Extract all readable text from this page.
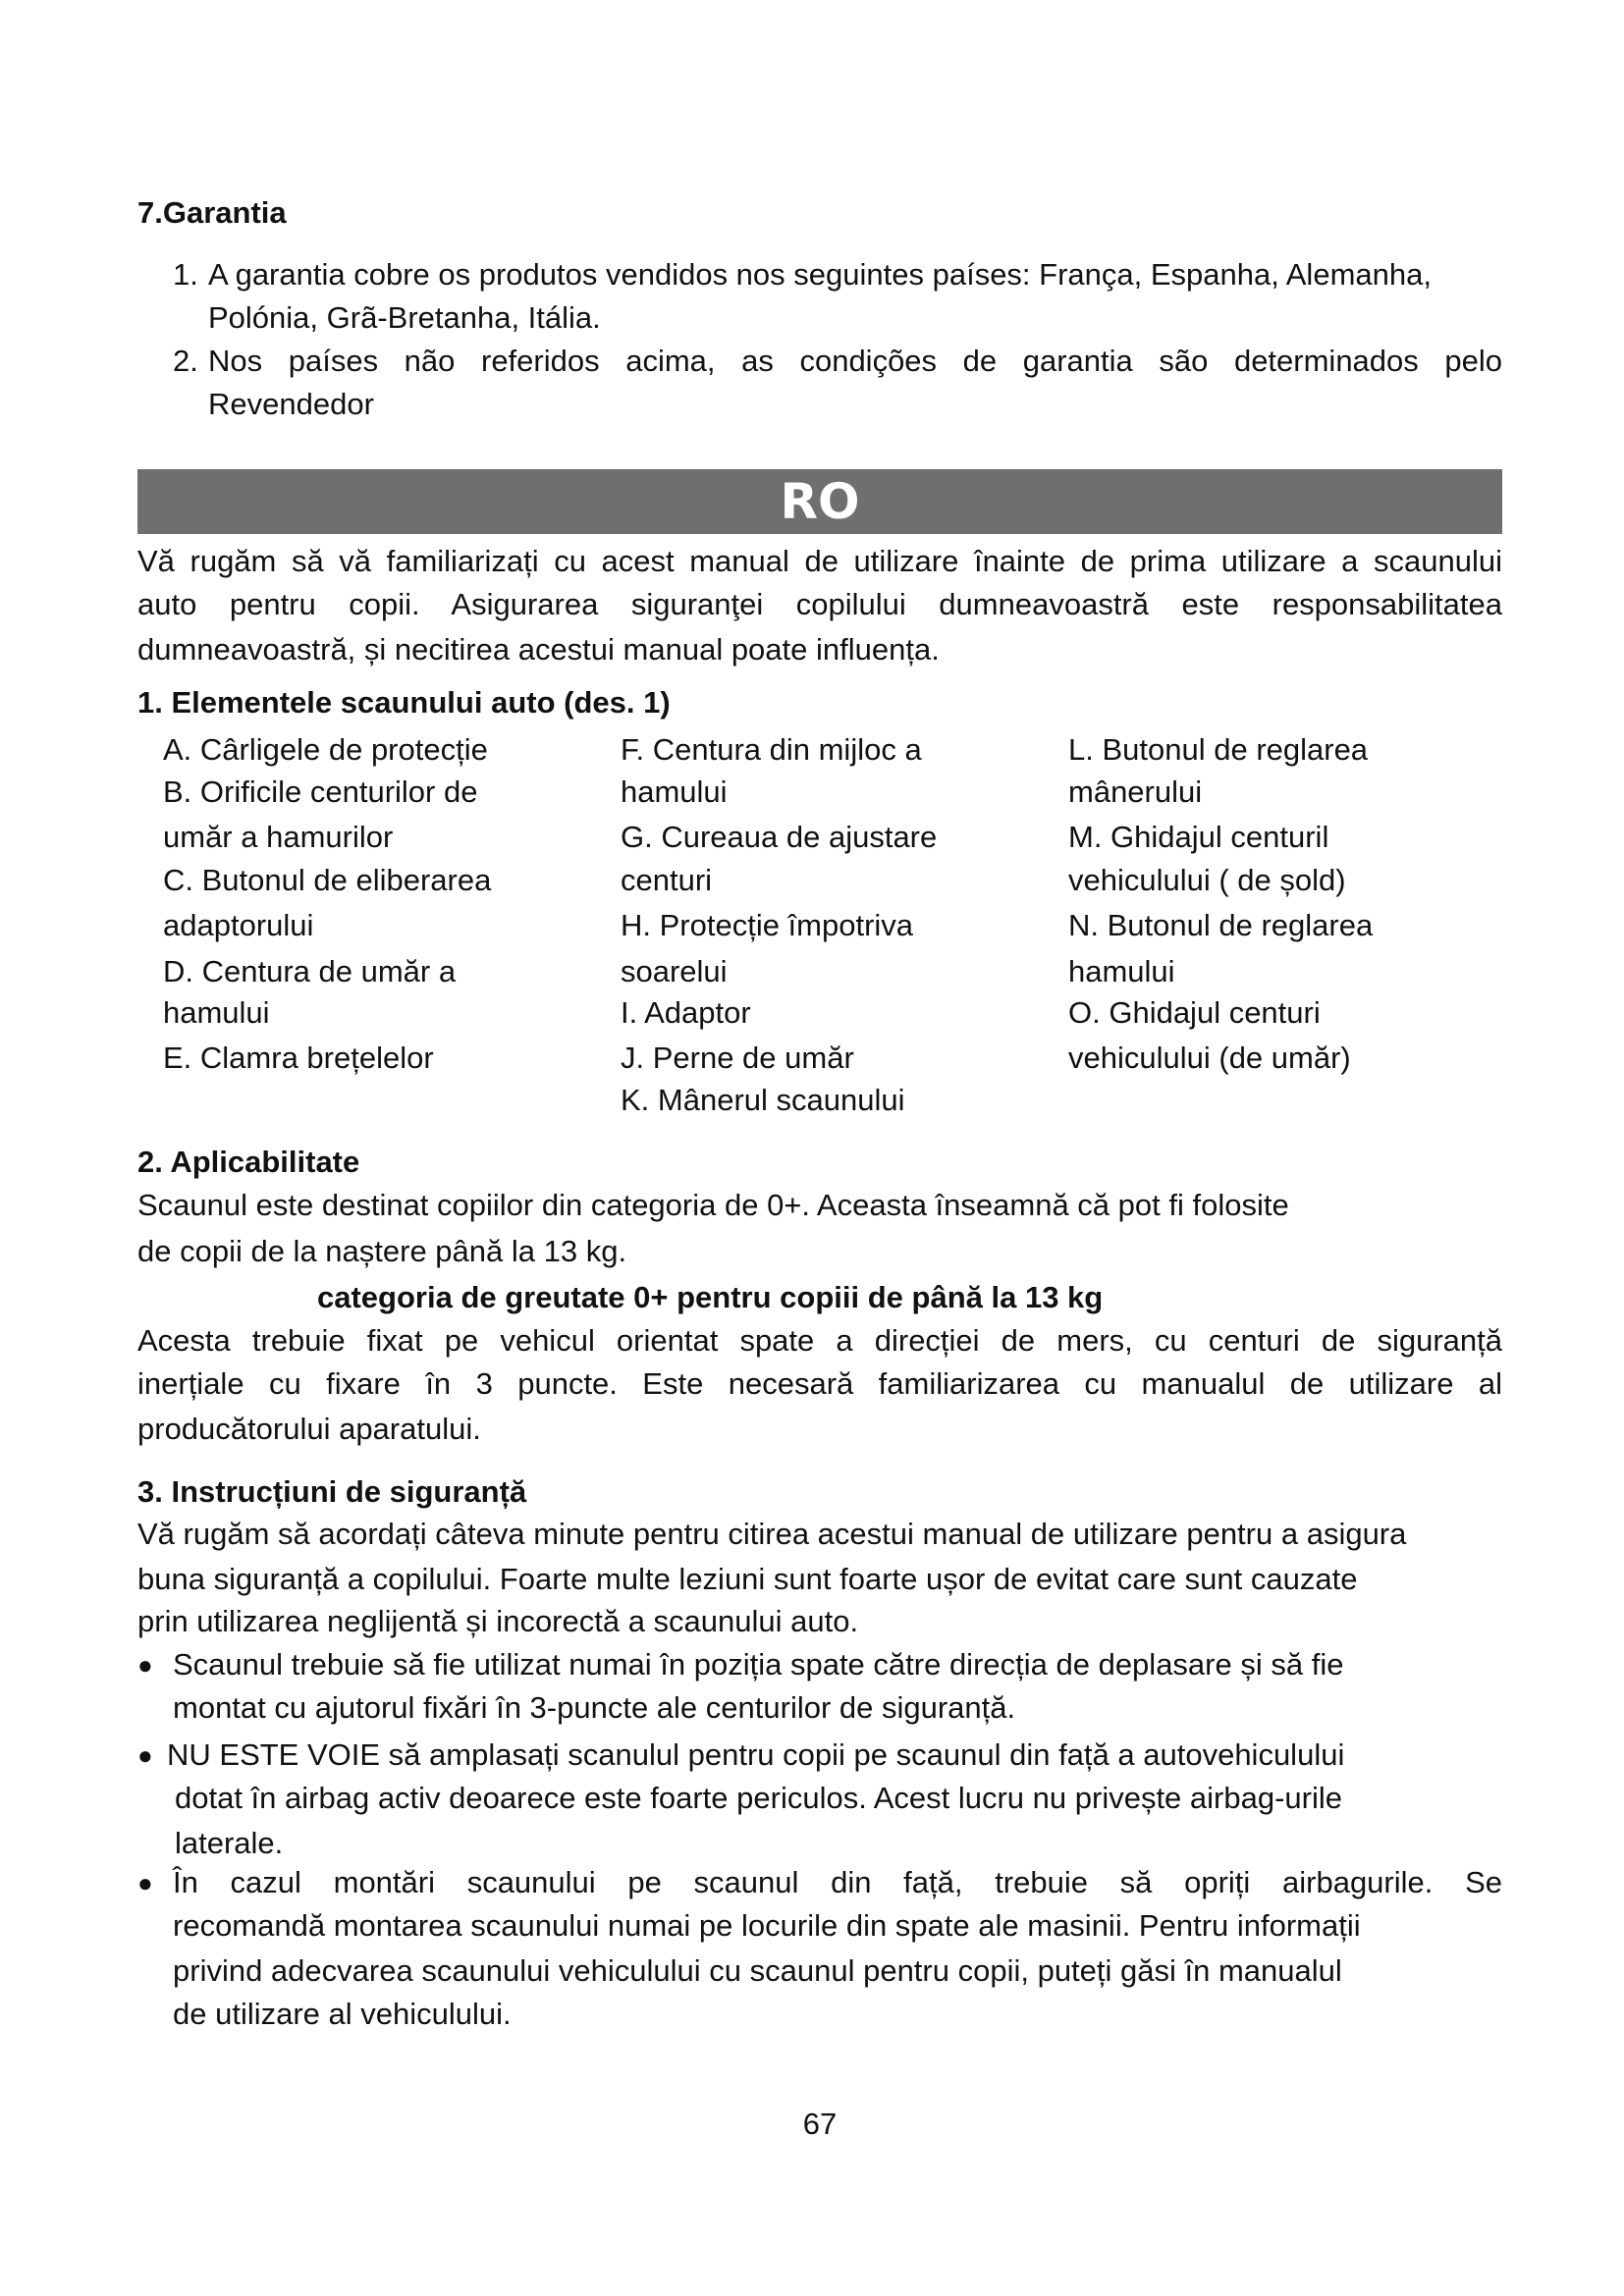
7.Garantia
1. A garantia cobre os produtos vendidos nos seguintes países: França, Espanha, Alemanha,
Polónia, Grã-Bretanha, Itália.
2. Nos países não referidos acima, as condições de garantia são determinados pelo
Revendedor
RO
Vă rugăm să vă familiarizați cu acest manual de utilizare înainte de prima utilizare a scaunului
auto pentru copii. Asigurarea siguranţei copilului dumneavoastră este responsabilitatea
dumneavoastră, și necitirea acestui manual poate influența.
1. Elementele scaunului auto (des. 1)
A. Cârligele de protecție
B. Orificile centurilor de
umăr a hamurilor
C. Butonul de eliberarea
adaptorului
D. Centura de umăr a
hamului
E. Clamra brețelelor
F. Centura din mijloc a
hamului
G. Cureaua de ajustare
centuri
H. Protecție împotriva
soarelui
I. Adaptor
J. Perne de umăr
K. Mânerul scaunului
L. Butonul de reglarea
mânerului
M. Ghidajul centuril
vehiculului ( de șold)
N. Butonul de reglarea
hamului
O. Ghidajul centuri
vehiculului (de umăr)
2. Aplicabilitate
Scaunul este destinat copiilor din categoria de 0+. Aceasta înseamnă că pot fi folosite
de copii de la naștere până la 13 kg.
categoria de greutate 0+ pentru copiii de până la 13 kg
Acesta trebuie fixat pe vehicul orientat spate a direcției de mers, cu centuri de siguranță
inerțiale cu fixare în 3 puncte. Este necesară familiarizarea cu manualul de utilizare al
producătorului aparatului.
3. Instrucțiuni de siguranță
Vă rugăm să acordați câteva minute pentru citirea acestui manual de utilizare pentru a asigura
buna siguranță a copilului. Foarte multe leziuni sunt foarte ușor de evitat care sunt cauzate
prin utilizarea neglijentă și incorectă a scaunului auto.
● Scaunul trebuie să fie utilizat numai în poziția spate către direcția de deplasare și să fie
montat cu ajutorul fixări în 3-puncte ale centurilor de siguranță.
● NU ESTE VOIE să amplasați scanulul pentru copii pe scaunul din față a autovehiculului
dotat în airbag activ deoarece este foarte periculos. Acest lucru nu privește airbag-urile
laterale.
● În cazul montări scaunului pe scaunul din față, trebuie să opriți airbagurile. Se
recomandă montarea scaunului numai pe locurile din spate ale masinii. Pentru informații
privind adecvarea scaunului vehiculului cu scaunul pentru copii, puteți găsi în manualul
de utilizare al vehiculului.
67
